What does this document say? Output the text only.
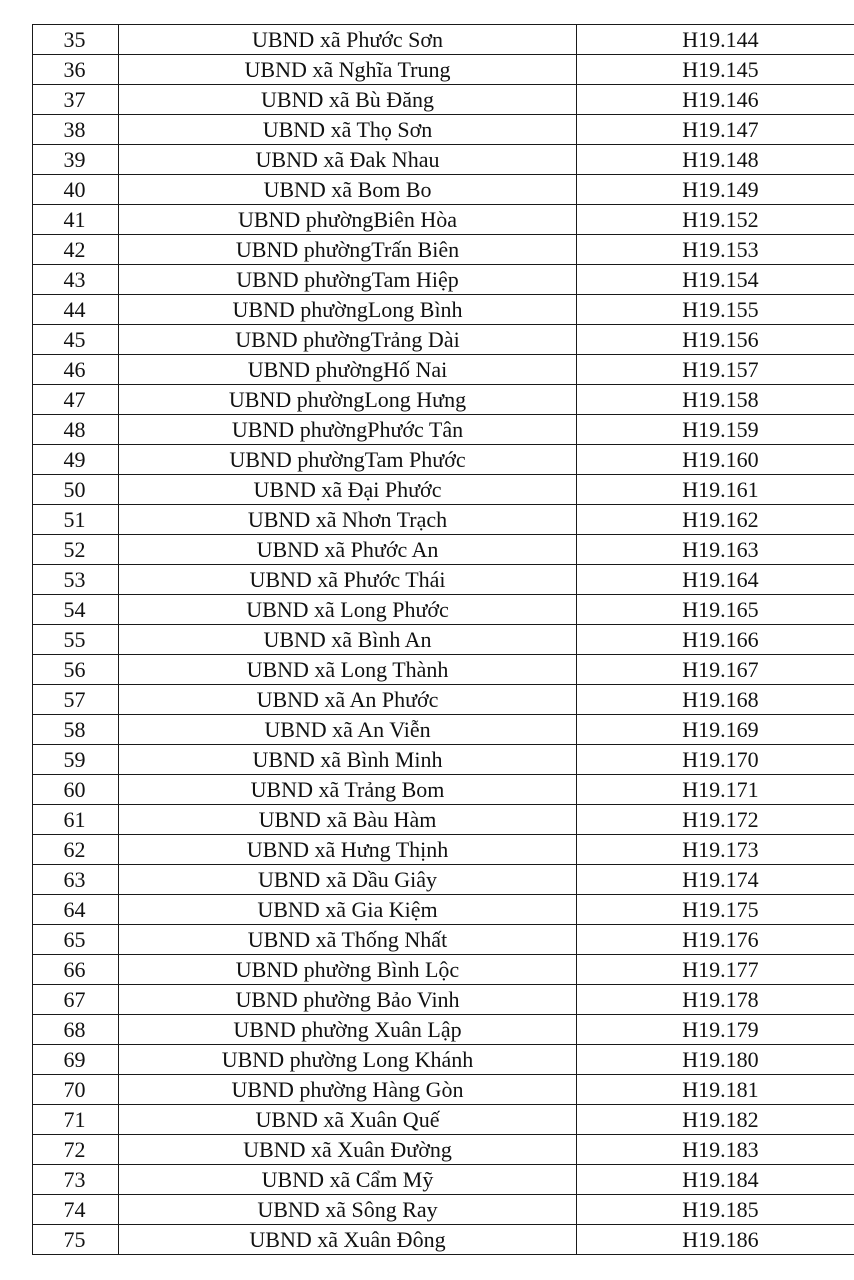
35	UBND xã Phước Sơn	H19.144
36	UBND xã Nghĩa Trung	H19.145
37	UBND xã Bù Đăng	H19.146
38	UBND xã Thọ Sơn	H19.147
39	UBND xã Đak Nhau	H19.148
40	UBND xã Bom Bo	H19.149
41	UBND phườngBiên Hòa	H19.152
42	UBND phườngTrấn Biên	H19.153
43	UBND phườngTam Hiệp	H19.154
44	UBND phườngLong Bình	H19.155
45	UBND phườngTrảng Dài	H19.156
46	UBND phườngHố Nai	H19.157
47	UBND phườngLong Hưng	H19.158
48	UBND phườngPhước Tân	H19.159
49	UBND phườngTam Phước	H19.160
50	UBND xã Đại Phước	H19.161
51	UBND xã Nhơn Trạch	H19.162
52	UBND xã Phước An	H19.163
53	UBND xã Phước Thái	H19.164
54	UBND xã Long Phước	H19.165
55	UBND xã Bình An	H19.166
56	UBND xã Long Thành	H19.167
57	UBND xã An Phước	H19.168
58	UBND xã An Viễn	H19.169
59	UBND xã Bình Minh	H19.170
60	UBND xã Trảng Bom	H19.171
61	UBND xã Bàu Hàm	H19.172
62	UBND xã Hưng Thịnh	H19.173
63	UBND xã Dầu Giây	H19.174
64	UBND xã Gia Kiệm	H19.175
65	UBND xã Thống Nhất	H19.176
66	UBND phường Bình Lộc	H19.177
67	UBND phường Bảo Vinh	H19.178
68	UBND phường Xuân Lập	H19.179
69	UBND phường Long Khánh	H19.180
70	UBND phường Hàng Gòn	H19.181
71	UBND xã Xuân Quế	H19.182
72	UBND xã Xuân Đường	H19.183
73	UBND xã Cẩm Mỹ	H19.184
74	UBND xã Sông Ray	H19.185
75	UBND xã Xuân Đông	H19.186
